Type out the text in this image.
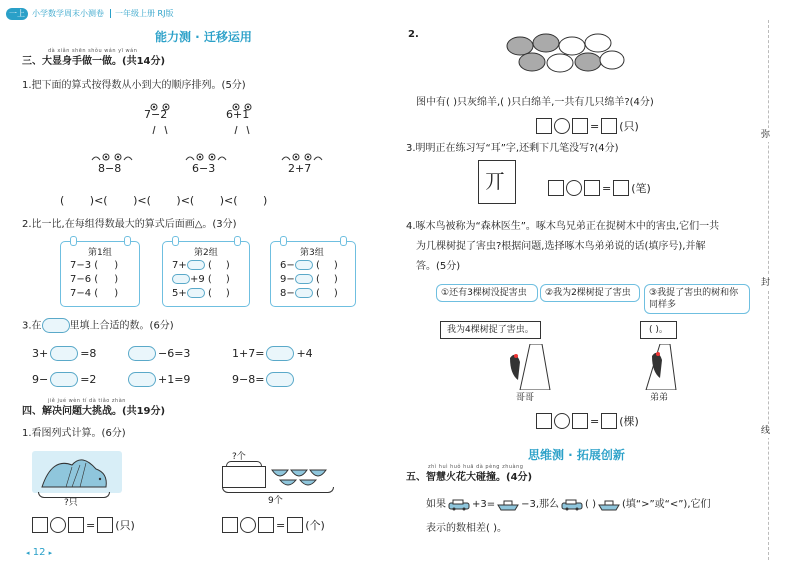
一上 小学数学周末小测卷 一年级上册 RJ版
能力测 · 迁移运用
dà xiǎn shēn shǒu wán yī wán
三、大显身手做一做。(共14分)
1.把下面的算式按得数从小到大的顺序排列。(5分)
7−2	6+1
8−8	6−3	2+7
( )<( )<( )<( )<( )
2.比一比,在每组得数最大的算式后面画△。(3分)
第1组
7−3 ( )
7−6 ( )
7−4 ( )
第2组
7+ ( )
+9 ( )
5+ ( )
第3组
6− ( )
9− ( )
8− ( )
3.在	里填上合适的数。(6分)
3+	=8	−6=3	1+7=	+4
9−	=2	+1=9	9−8=
jiě jué wèn tí dà tiǎo zhàn
四、解决问题大挑战。(共19分)
1.看图列式计算。(6分)
?只
?个
9个
= (只)	= (个)
◂ 12 ▸
2.
图中有( )只灰绵羊,( )只白绵羊,一共有几只绵羊?(4分)
= (只)
3.明明正在练习写“耳”字,还剩下几笔没写?(4分)
丌	= (笔)
4.啄木鸟被称为“森林医生”。啄木鸟兄弟正在捉树木中的害虫,它们一共
为几棵树捉了害虫?根据问题,选择啄木鸟弟弟说的话(填序号),并解
答。(5分)
①还有3棵树没捉害虫	②我为2棵树捉了害虫	③我捉了害虫的树和你同样多
我为4棵树捉了害虫。	( )。
哥哥	弟弟
= (棵)
思维测 · 拓展创新
zhì huì huǒ huā dà pèng zhuàng
五、智慧火花大碰撞。(4分)
如果	+3=	−3,那么	( )	(填“>”或“<”),它们
表示的数相差( )。
弥
封
线
